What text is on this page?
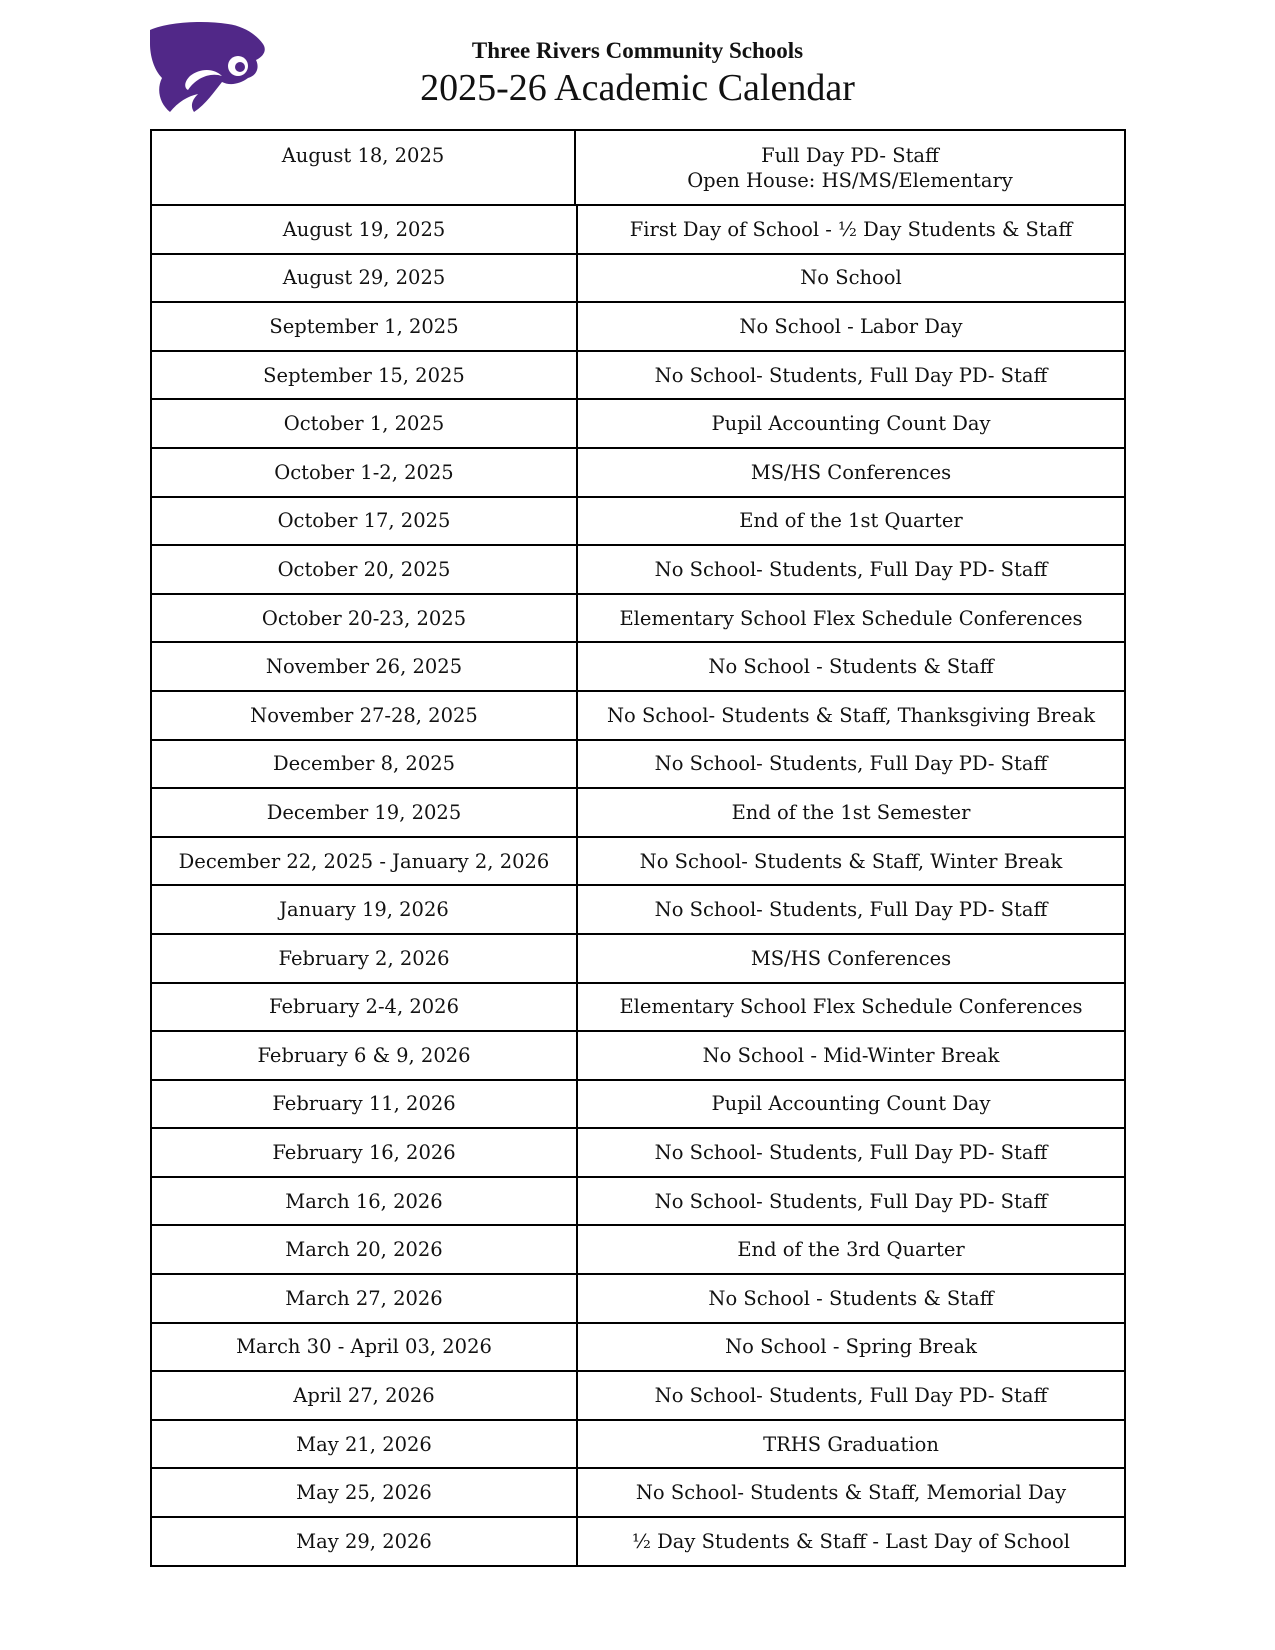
Three Rivers Community Schools
2025-26 Academic Calendar
August 18, 2025	Full Day PD- Staff
Open House: HS/MS/Elementary
August 19, 2025	First Day of School - ½ Day Students & Staff
August 29, 2025	No School
September 1, 2025	No School - Labor Day
September 15, 2025	No School- Students, Full Day PD- Staff
October 1, 2025	Pupil Accounting Count Day
October 1-2, 2025	MS/HS Conferences
October 17, 2025	End of the 1st Quarter
October 20, 2025	No School- Students, Full Day PD- Staff
October 20-23, 2025	Elementary School Flex Schedule Conferences
November 26, 2025	No School - Students & Staff
November 27-28, 2025	No School- Students & Staff, Thanksgiving Break
December 8, 2025	No School- Students, Full Day PD- Staff
December 19, 2025	End of the 1st Semester
December 22, 2025 - January 2, 2026	No School- Students & Staff, Winter Break
January 19, 2026	No School- Students, Full Day PD- Staff
February 2, 2026	MS/HS Conferences
February 2-4, 2026	Elementary School Flex Schedule Conferences
February 6 & 9, 2026	No School - Mid-Winter Break
February 11, 2026	Pupil Accounting Count Day
February 16, 2026	No School- Students, Full Day PD- Staff
March 16, 2026	No School- Students, Full Day PD- Staff
March 20, 2026	End of the 3rd Quarter
March 27, 2026	No School - Students & Staff
March 30 - April 03, 2026	No School - Spring Break
April 27, 2026	No School- Students, Full Day PD- Staff
May 21, 2026	TRHS Graduation
May 25, 2026	No School- Students & Staff, Memorial Day
May 29, 2026	½ Day Students & Staff - Last Day of School
